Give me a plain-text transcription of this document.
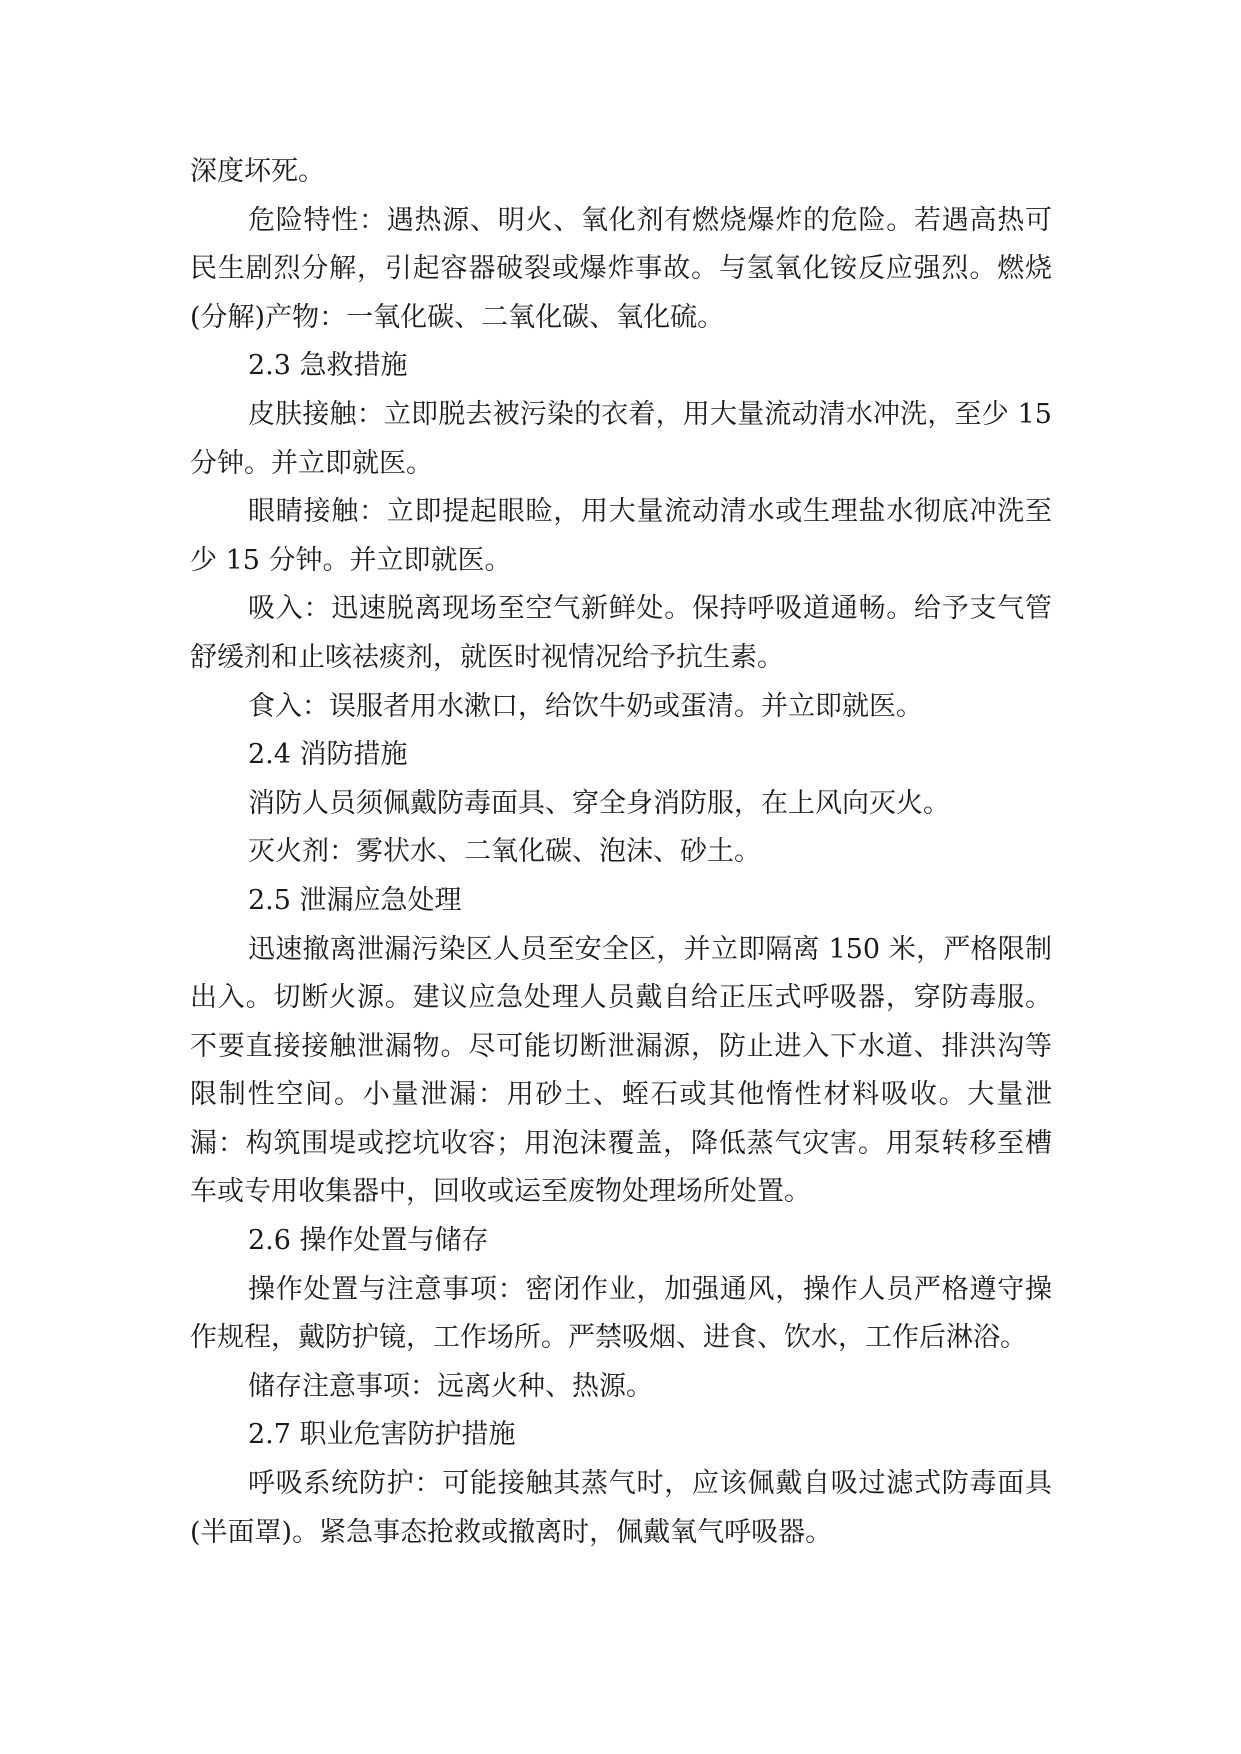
深度坏死。

危险特性：遇热源、明火、氧化剂有燃烧爆炸的危险。若遇高热可民生剧烈分解，引起容器破裂或爆炸事故。与氢氧化铵反应强烈。燃烧(分解)产物：一氧化碳、二氧化碳、氧化硫。

2.3 急救措施

皮肤接触：立即脱去被污染的衣着，用大量流动清水冲洗，至少 15 分钟。并立即就医。

眼睛接触：立即提起眼睑，用大量流动清水或生理盐水彻底冲洗至少 15 分钟。并立即就医。

吸入：迅速脱离现场至空气新鲜处。保持呼吸道通畅。给予支气管舒缓剂和止咳祛痰剂，就医时视情况给予抗生素。

食入：误服者用水漱口，给饮牛奶或蛋清。并立即就医。

2.4 消防措施

消防人员须佩戴防毒面具、穿全身消防服，在上风向灭火。

灭火剂：雾状水、二氧化碳、泡沫、砂土。

2.5 泄漏应急处理

迅速撤离泄漏污染区人员至安全区，并立即隔离 150 米，严格限制出入。切断火源。建议应急处理人员戴自给正压式呼吸器，穿防毒服。不要直接接触泄漏物。尽可能切断泄漏源，防止进入下水道、排洪沟等限制性空间。小量泄漏：用砂土、蛭石或其他惰性材料吸收。大量泄漏：构筑围堤或挖坑收容；用泡沫覆盖，降低蒸气灾害。用泵转移至槽车或专用收集器中，回收或运至废物处理场所处置。

2.6 操作处置与储存

操作处置与注意事项：密闭作业，加强通风，操作人员严格遵守操作规程，戴防护镜，工作场所。严禁吸烟、进食、饮水，工作后淋浴。

储存注意事项：远离火种、热源。

2.7 职业危害防护措施

呼吸系统防护：可能接触其蒸气时，应该佩戴自吸过滤式防毒面具(半面罩)。紧急事态抢救或撤离时，佩戴氧气呼吸器。
